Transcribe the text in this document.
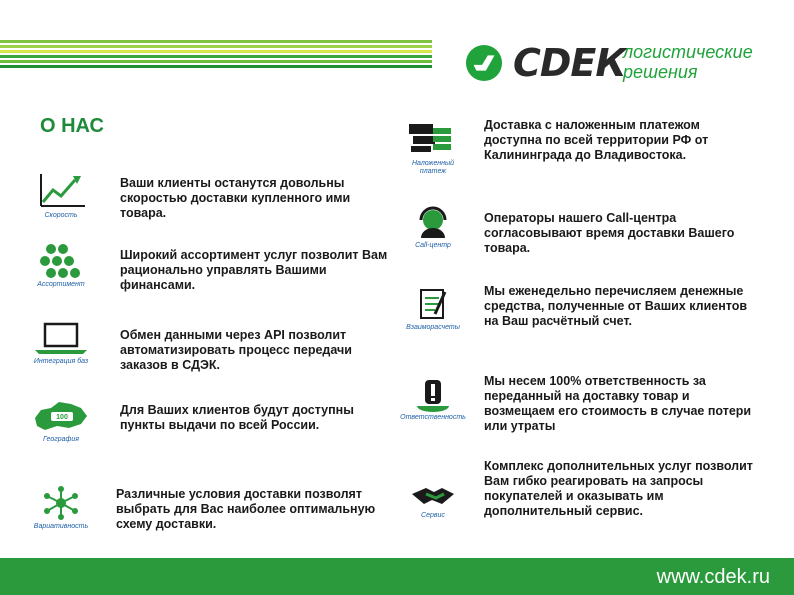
СDЕК
логистические
решения
О НАС
Скорость
Ваши клиенты останутся довольны скоростью доставки купленного ими товара.
Ассортимент
Широкий ассортимент услуг позволит Вам рационально управлять Вашими финансами.
Интеграция баз
Обмен данными через API позволит автоматизировать процесс передачи заказов в СДЭК.
100
География
Для Ваших клиентов будут доступны пункты выдачи по всей России.
Вариативность
Различные условия доставки позволят выбрать для Вас наиболее оптимальную схему доставки.
Наложенный платеж
Доставка с наложенным платежом доступна по всей территории РФ от Калининграда до Владивостока.
Call-центр
Операторы нашего Call-центра согласовывают время доставки Вашего товара.
Взаиморасчеты
Мы еженедельно перечисляем денежные средства, полученные от Ваших клиентов на Ваш расчётный счет.
Ответственность
Мы несем 100% ответственность за переданный на доставку товар и возмещаем его стоимость в случае потери или утраты
Сервис
Комплекс дополнительных услуг позволит Вам гибко реагировать на запросы покупателей и оказывать им дополнительный сервис.
www.cdek.ru
